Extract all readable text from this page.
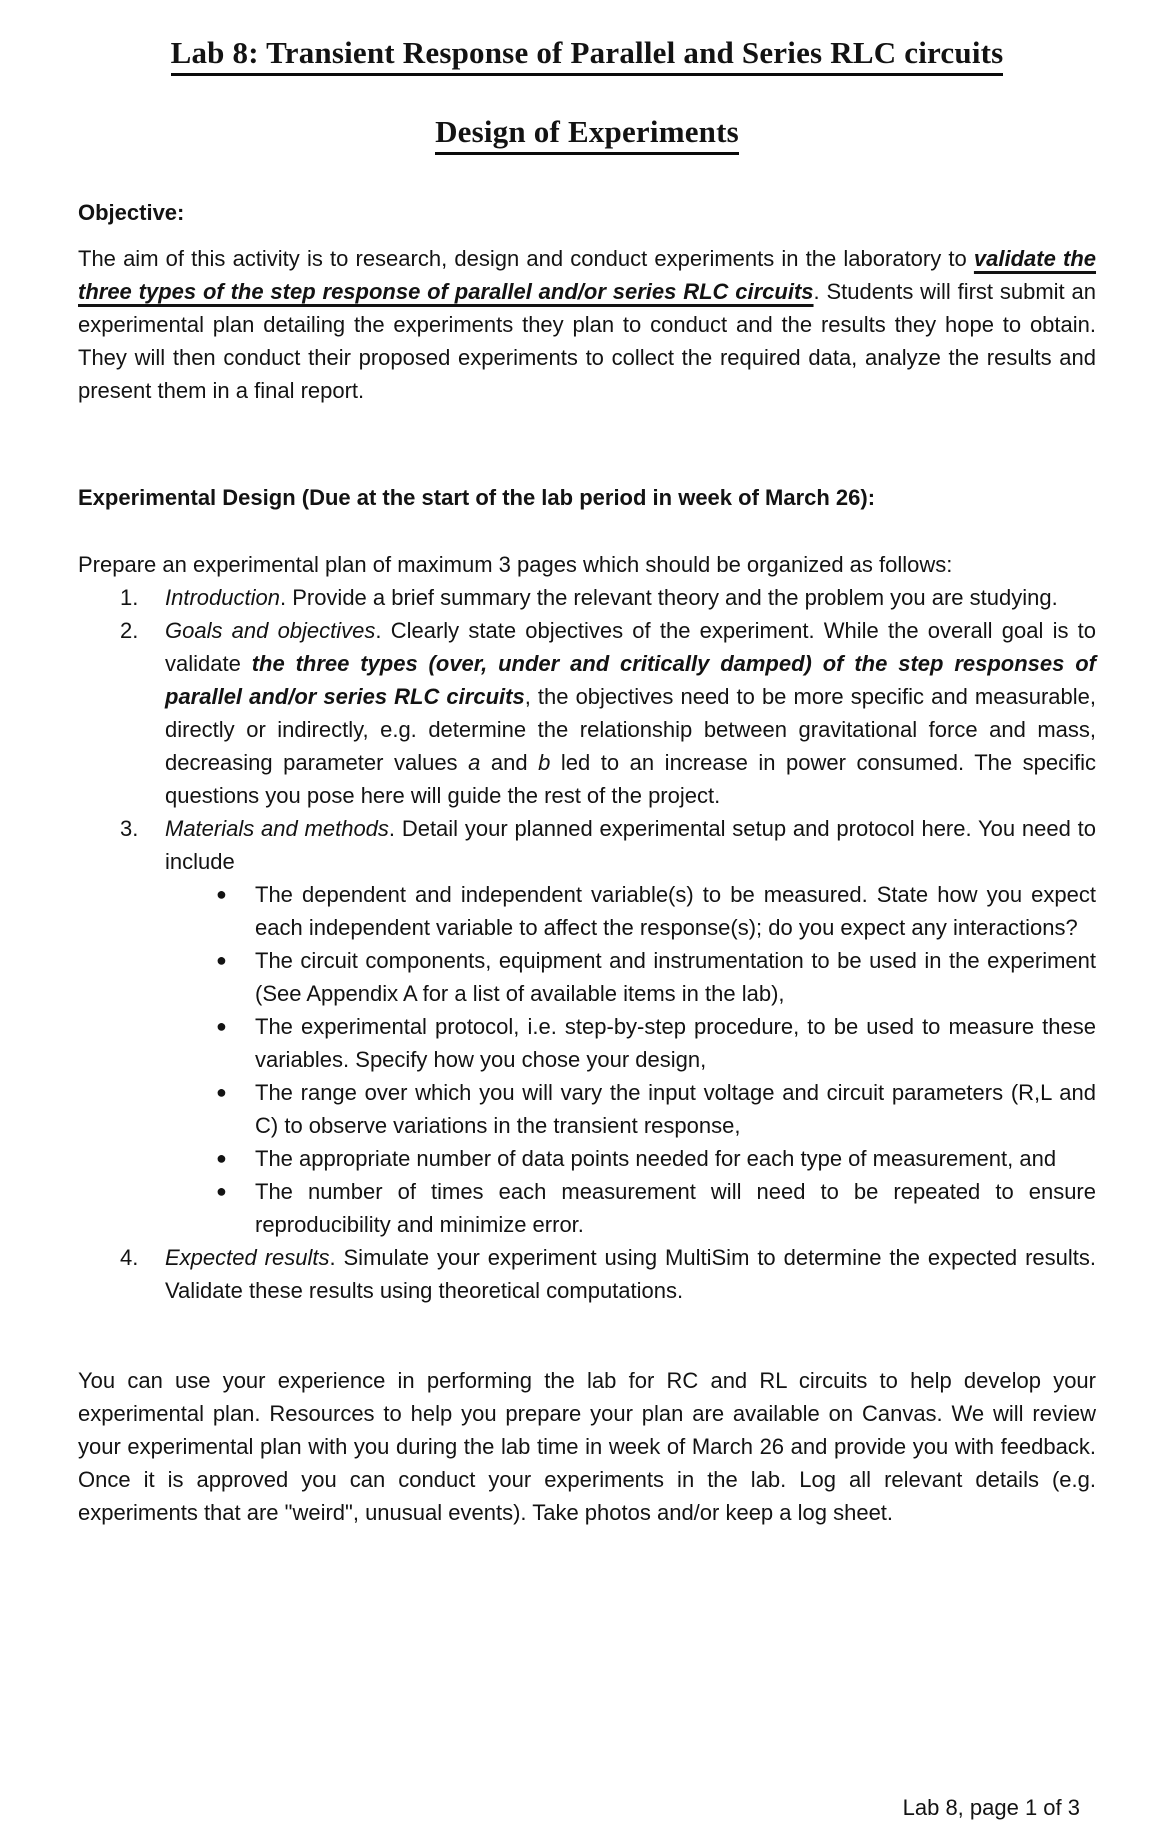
Lab 8: Transient Response of Parallel and Series RLC circuits
Design of Experiments
Objective:

The aim of this activity is to research, design and conduct experiments in the laboratory to validate the three types of the step response of parallel and/or series RLC circuits. Students will first submit an experimental plan detailing the experiments they plan to conduct and the results they hope to obtain. They will then conduct their proposed experiments to collect the required data, analyze the results and present them in a final report.

Experimental Design (Due at the start of the lab period in week of March 26):

Prepare an experimental plan of maximum 3 pages which should be organized as follows:

1.	Introduction. Provide a brief summary the relevant theory and the problem you are studying.
2.	Goals and objectives. Clearly state objectives of the experiment. While the overall goal is to validate the three types (over, under and critically damped) of the step responses of parallel and/or series RLC circuits, the objectives need to be more specific and measurable, directly or indirectly, e.g. determine the relationship between gravitational force and mass, decreasing parameter values a and b led to an increase in power consumed. The specific questions you pose here will guide the rest of the project.
3.	Materials and methods. Detail your planned experimental setup and protocol here. You need to include
●	The dependent and independent variable(s) to be measured. State how you expect each independent variable to affect the response(s); do you expect any interactions?
●	The circuit components, equipment and instrumentation to be used in the experiment (See Appendix A for a list of available items in the lab),
●	The experimental protocol, i.e. step-by-step procedure, to be used to measure these variables. Specify how you chose your design,
●	The range over which you will vary the input voltage and circuit parameters (R,L and C) to observe variations in the transient response,
●	The appropriate number of data points needed for each type of measurement, and
●	The number of times each measurement will need to be repeated to ensure reproducibility and minimize error.
4.	Expected results. Simulate your experiment using MultiSim to determine the expected results. Validate these results using theoretical computations.

You can use your experience in performing the lab for RC and RL circuits to help develop your experimental plan. Resources to help you prepare your plan are available on Canvas. We will review your experimental plan with you during the lab time in week of March 26 and provide you with feedback. Once it is approved you can conduct your experiments in the lab. Log all relevant details (e.g. experiments that are "weird", unusual events). Take photos and/or keep a log sheet.

Lab 8, page 1 of 3
